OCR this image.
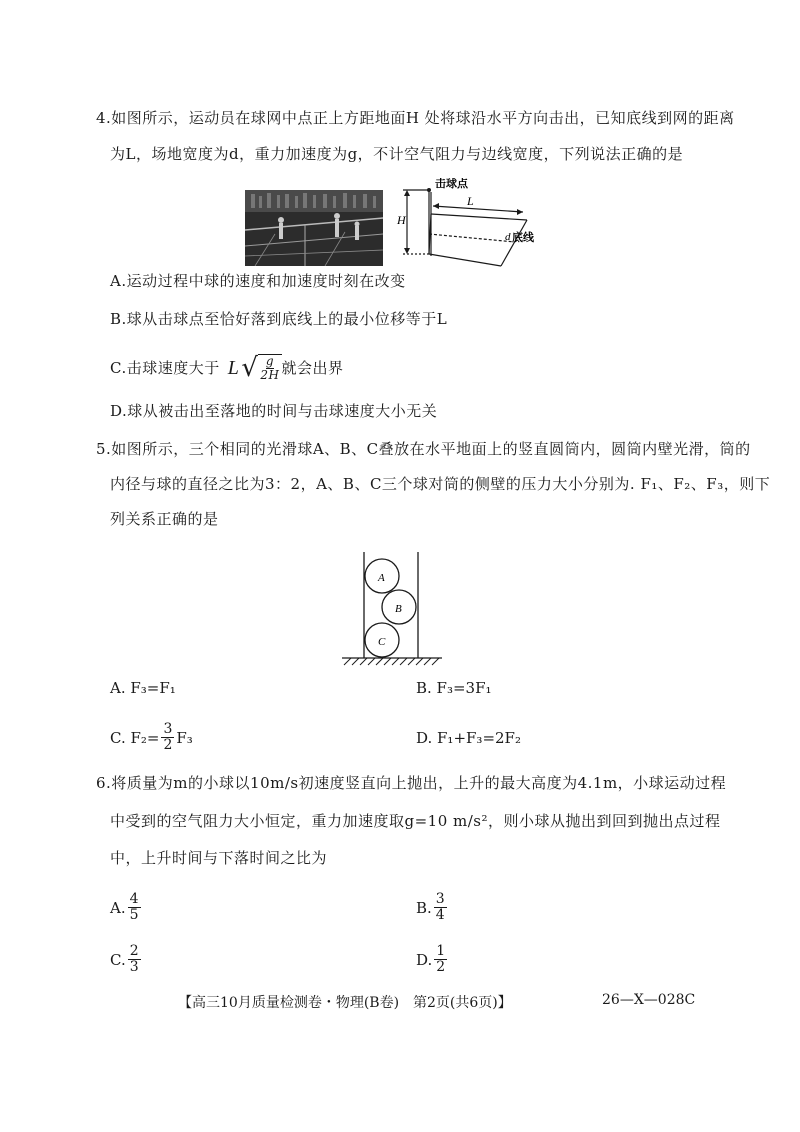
4.如图所示，运动员在球网中点正上方距地面H 处将球沿水平方向击出，已知底线到网的距离
为L，场地宽度为d，重力加速度为g，不计空气阻力与边线宽度，下列说法正确的是
H
L
击球点
d 底线
A.运动过程中球的速度和加速度时刻在改变
B.球从击球点至恰好落到底线上的最小位移等于L
C.击球速度大于 L √ $\frac{g}{2H}$ 就会出界
D.球从被击出至落地的时间与击球速度大小无关
5.如图所示，三个相同的光滑球A、B、C叠放在水平地面上的竖直圆筒内，圆筒内壁光滑，筒的
内径与球的直径之比为3：2，A、B、C三个球对筒的侧壁的压力大小分别为. F₁、F₂、F₃，则下
列关系正确的是
A
B
C
A. F₃=F₁	B. F₃=3F₁
C. $F_2= \frac{3}{2} F_3$	D. F₁+F₃=2F₂
6.将质量为m的小球以10m/s初速度竖直向上抛出，上升的最大高度为4.1m，小球运动过程
中受到的空气阻力大小恒定，重力加速度取g=10 m/s²，则小球从抛出到回到抛出点过程
中，上升时间与下落时间之比为
A. $\frac{4}{5}$	B. $\frac{3}{4}$
C. $\frac{2}{3}$	D. $\frac{1}{2}$
【高三10月质量检测卷・物理(B卷)　第2页(共6页)】	26—X—028C
